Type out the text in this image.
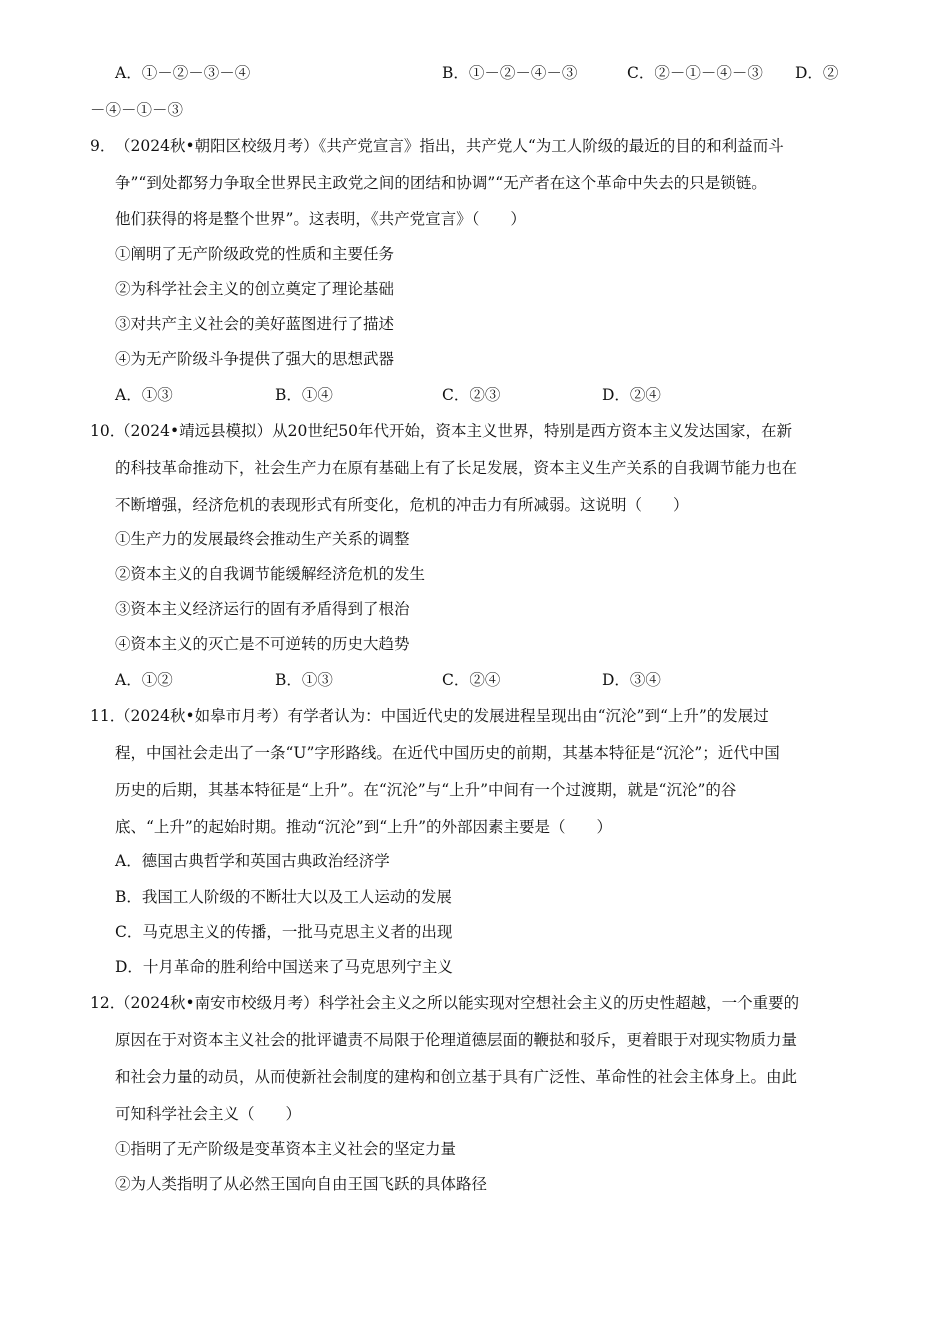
A．①－②－③－④	B．①－②－④－③	C．②－①－④－③ D．②
－④－①－③
9． （2024秋•朝阳区校级月考）《共产党宣言》指出，共产党人“为工人阶级的最近的目的和利益而斗
争”“到处都努力争取全世界民主政党之间的团结和协调”“无产者在这个革命中失去的只是锁链。
他们获得的将是整个世界”。这表明，《共产党宣言》（　　）
①阐明了无产阶级政党的性质和主要任务
②为科学社会主义的创立奠定了理论基础
③对共产主义社会的美好蓝图进行了描述
④为无产阶级斗争提供了强大的思想武器
A．①③	B．①④	C．②③	D．②④
10．
（2024•靖远县模拟）从20世纪50年代开始，资本主义世界，特别是西方资本主义发达国家，在新
的科技革命推动下，社会生产力在原有基础上有了长足发展，资本主义生产关系的自我调节能力也在
不断增强，经济危机的表现形式有所变化，危机的冲击力有所减弱。这说明（　　）
①生产力的发展最终会推动生产关系的调整
②资本主义的自我调节能缓解经济危机的发生
③资本主义经济运行的固有矛盾得到了根治
④资本主义的灭亡是不可逆转的历史大趋势
A．①②	B．①③	C．②④	D．③④
11．
（2024秋•如皋市月考）有学者认为：中国近代史的发展进程呈现出由“沉沦”到“上升”的发展过
程，中国社会走出了一条“U”字形路线。在近代中国历史的前期，其基本特征是“沉沦”；近代中国
历史的后期，其基本特征是“上升”。在“沉沦”与“上升”中间有一个过渡期，就是“沉沦”的谷
底、“上升”的起始时期。推动“沉沦”到“上升”的外部因素主要是（　　）
A．德国古典哲学和英国古典政治经济学
B．我国工人阶级的不断壮大以及工人运动的发展
C．马克思主义的传播，一批马克思主义者的出现
D．十月革命的胜利给中国送来了马克思列宁主义
12．
（2024秋•南安市校级月考）科学社会主义之所以能实现对空想社会主义的历史性超越，一个重要的
原因在于对资本主义社会的批评谴责不局限于伦理道德层面的鞭挞和驳斥，更着眼于对现实物质力量
和社会力量的动员，从而使新社会制度的建构和创立基于具有广泛性、革命性的社会主体身上。由此
可知科学社会主义（　　）
①指明了无产阶级是变革资本主义社会的坚定力量
②为人类指明了从必然王国向自由王国飞跃的具体路径
